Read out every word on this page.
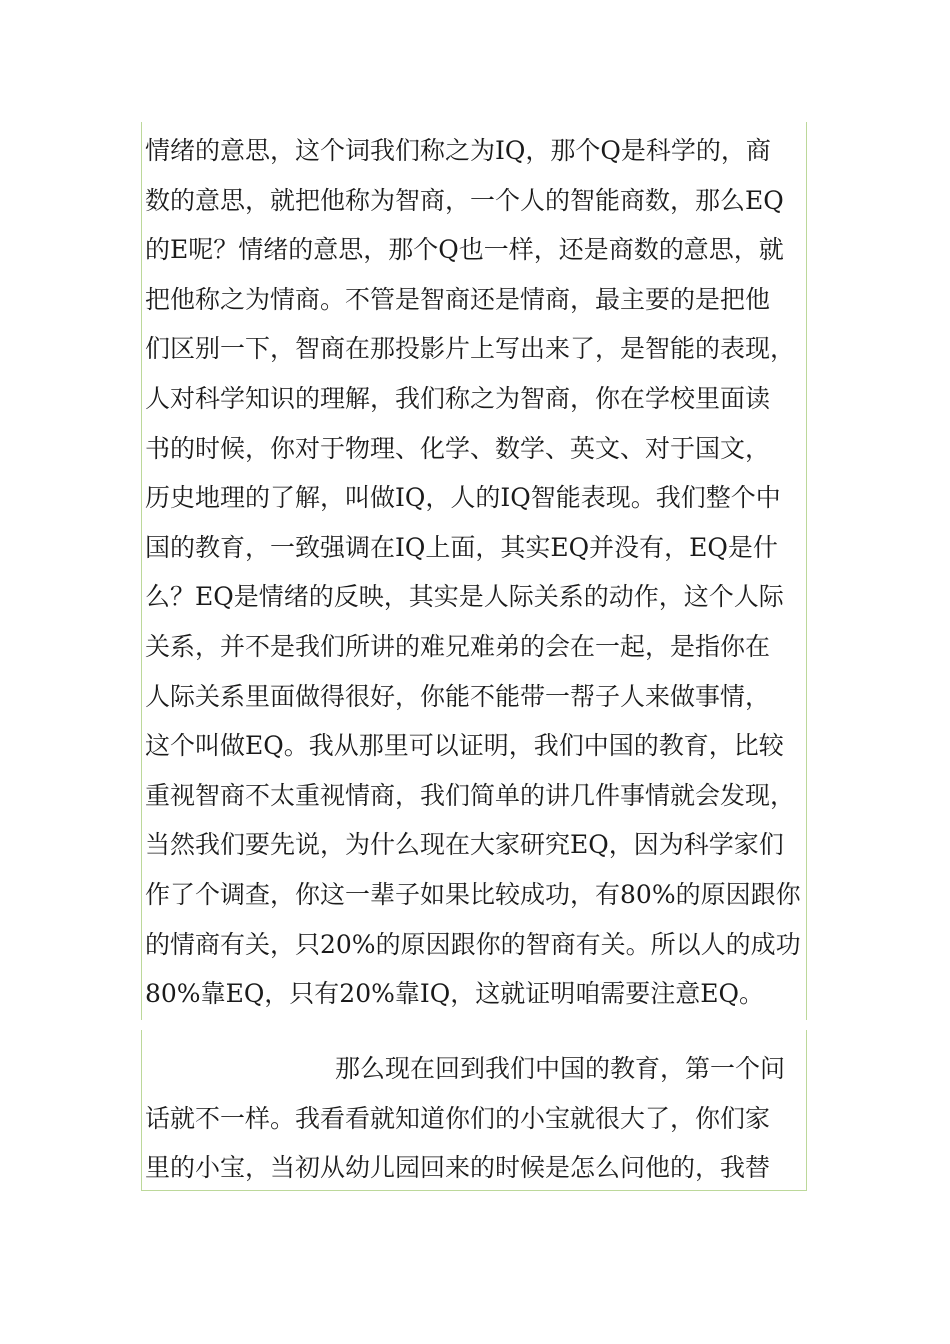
情绪的意思，这个词我们称之为IQ，那个Q是科学的，商
数的意思，就把他称为智商，一个人的智能商数，那么EQ
的E呢？情绪的意思，那个Q也一样，还是商数的意思，就
把他称之为情商。不管是智商还是情商，最主要的是把他
们区别一下，智商在那投影片上写出来了，是智能的表现，
人对科学知识的理解，我们称之为智商，你在学校里面读
书的时候，你对于物理、化学、数学、英文、对于国文，
历史地理的了解，叫做IQ，人的IQ智能表现。我们整个中
国的教育，一致强调在IQ上面，其实EQ并没有，EQ是什
么？EQ是情绪的反映，其实是人际关系的动作，这个人际
关系，并不是我们所讲的难兄难弟的会在一起，是指你在
人际关系里面做得很好，你能不能带一帮子人来做事情，
这个叫做EQ。我从那里可以证明，我们中国的教育，比较
重视智商不太重视情商，我们简单的讲几件事情就会发现，
当然我们要先说，为什么现在大家研究EQ，因为科学家们
作了个调查，你这一辈子如果比较成功，有80%的原因跟你
的情商有关，只20%的原因跟你的智商有关。所以人的成功
80%靠EQ，只有20%靠IQ，这就证明咱需要注意EQ。
那么现在回到我们中国的教育，第一个问
话就不一样。我看看就知道你们的小宝就很大了，你们家
里的小宝，当初从幼儿园回来的时候是怎么问他的，我替
